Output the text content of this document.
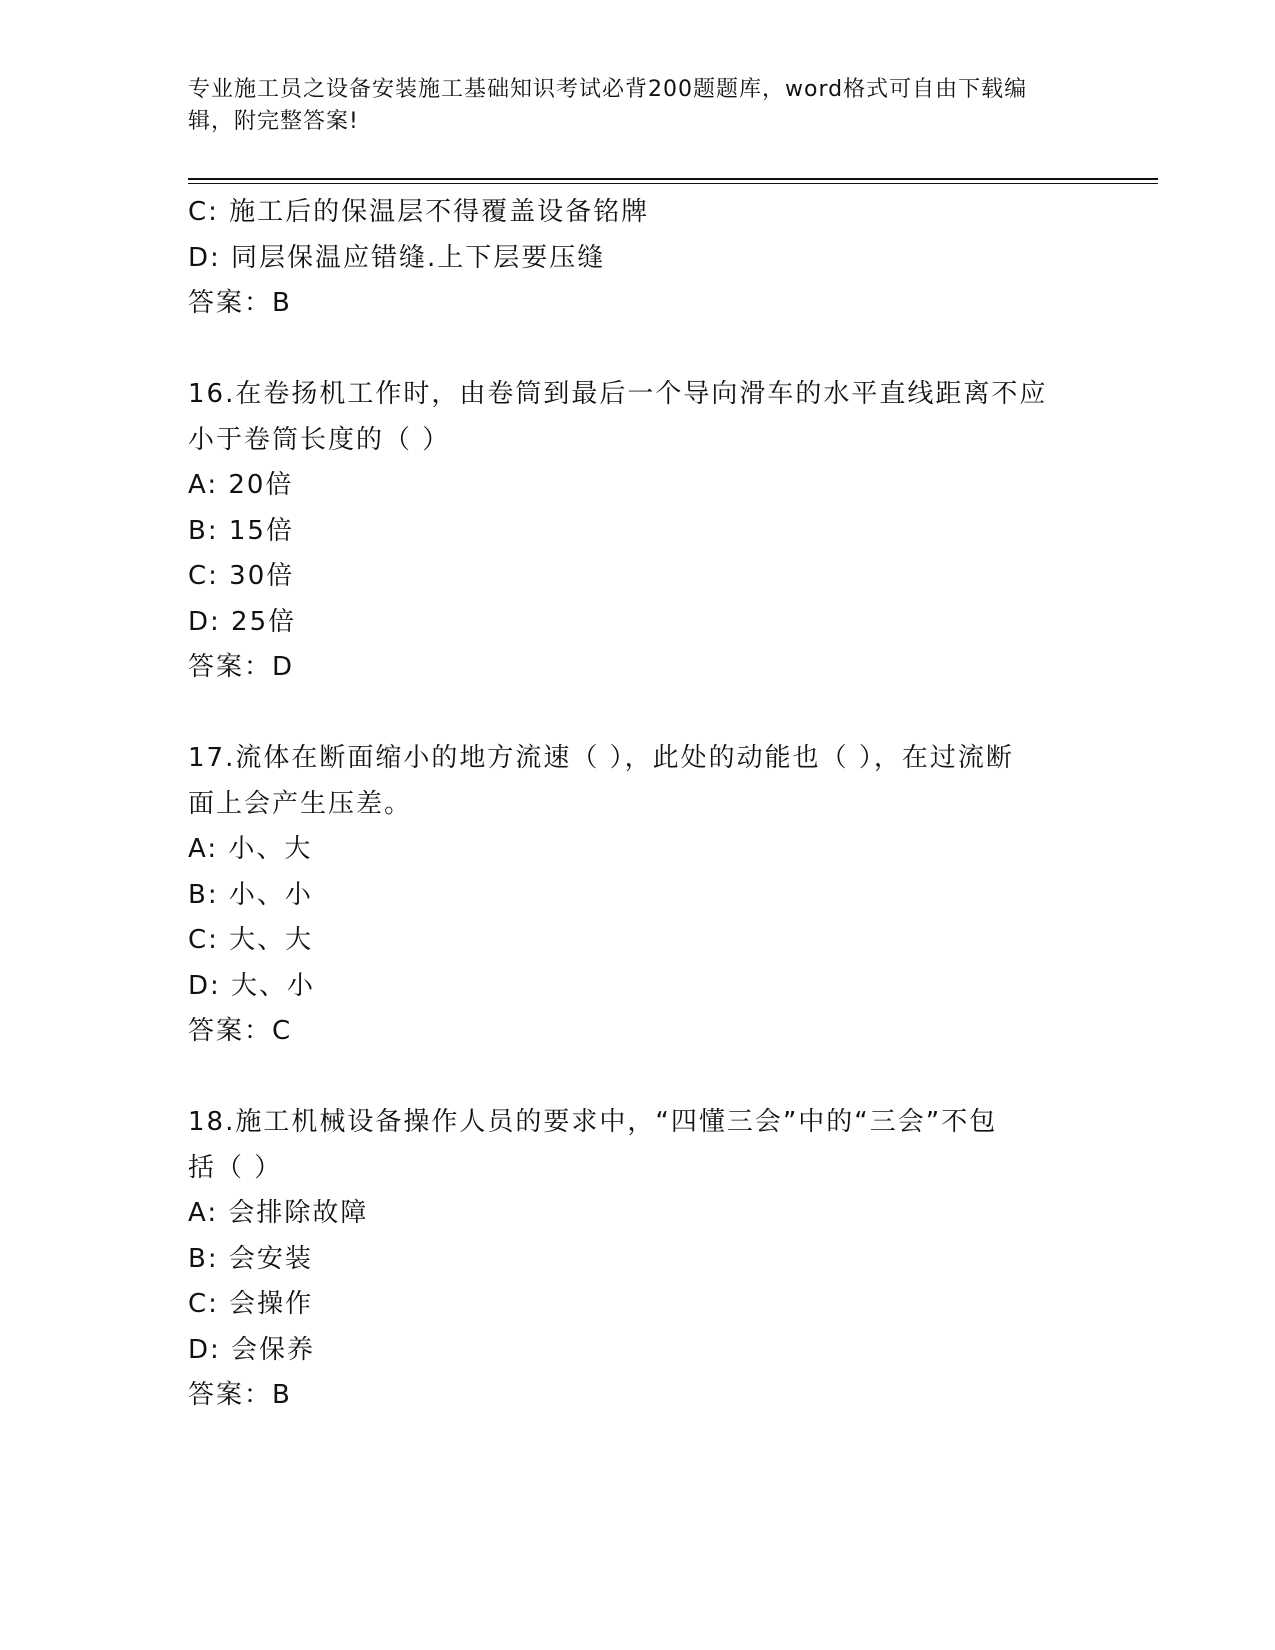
专业施工员之设备安装施工基础知识考试必背200题题库，word格式可自由下载编辑，附完整答案!
C: 施工后的保温层不得覆盖设备铭牌
D: 同层保温应错缝.上下层要压缝
答案：B
16.在卷扬机工作时，由卷筒到最后一个导向滑车的水平直线距离不应
小于卷筒长度的（ ）
A: 20倍
B: 15倍
C: 30倍
D: 25倍
答案：D
17.流体在断面缩小的地方流速（ ），此处的动能也（ ），在过流断
面上会产生压差。
A: 小、大
B: 小、小
C: 大、大
D: 大、小
答案：C
18.施工机械设备操作人员的要求中，“四懂三会”中的“三会”不包
括（ ）
A: 会排除故障
B: 会安装
C: 会操作
D: 会保养
答案：B
